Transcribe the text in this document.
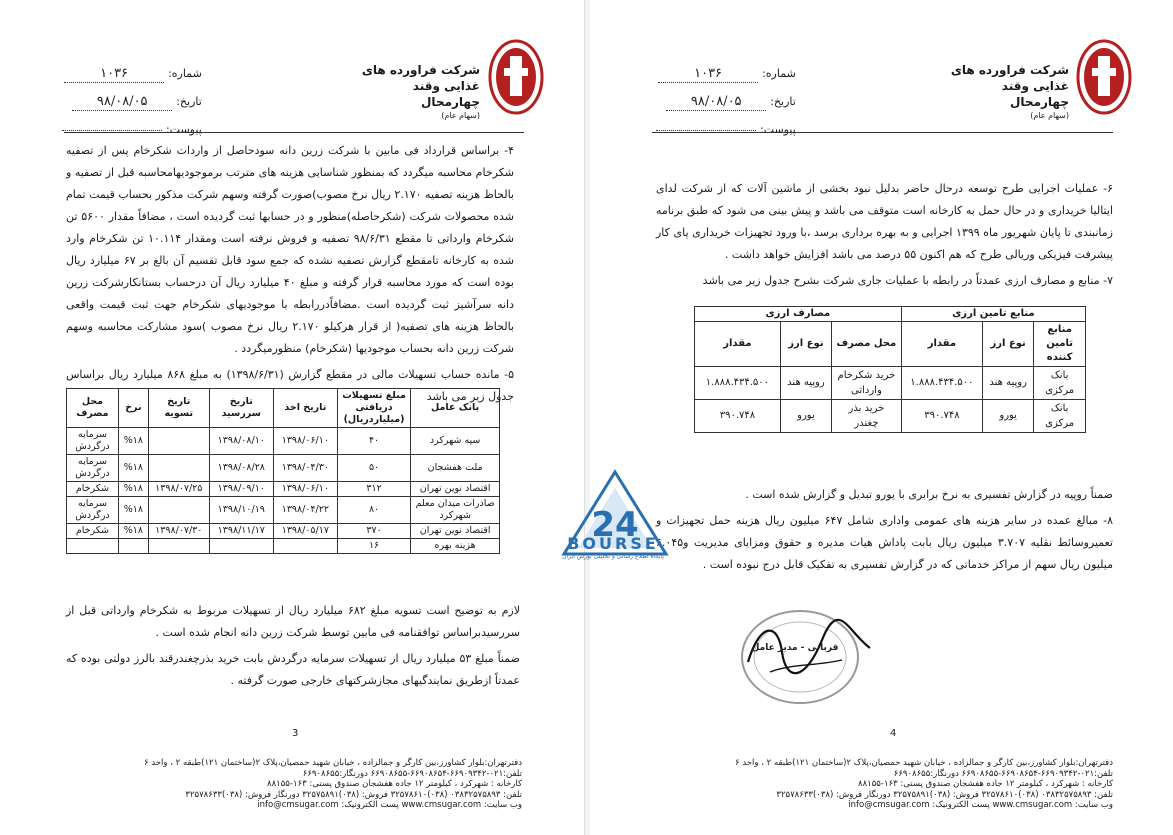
شرکت فراورده های
غذایی وقند
چهارمحال
(سهام عام)
شماره:
۱۰۳۶
تاریخ:
۹۸/۰۸/۰۵
پیوست:

۴- براساس قرارداد فی مابین با شرکت زرین دانه سودحاصل از واردات شکرخام پس از تصفیه شکرخام محاسبه میگردد که بمنظور شناسایی هزینه های مترتب برموجودیهامحاسبه قبل از تصفیه و بالحاظ هزینه تصفیه ۲.۱۷۰ ریال نرخ مصوب)صورت گرفته وسهم شرکت مذکور بحساب قیمت تمام شده محصولات شرکت (شکرحاصله)منظور و در حسابها ثبت گردیده است ، مضافاً مقدار ۵۶۰۰ تن شکرخام وارداتی تا مقطع ۹۸/۶/۳۱ تصفیه و فروش نرفته است ومقدار ۱۰.۱۱۴ تن شکرخام وارد شده به کارخانه تامقطع گزارش تصفیه نشده که جمع سود قابل تقسیم آن بالغ بر ۶۷ میلیارد ریال بوده است که مورد محاسبه قرار گرفته و مبلغ ۴۰ میلیارد ریال آن درحساب بستانکارشرکت زرین دانه سرآشیز ثبت گردیده است .مضافاًدررابطه با موجودیهای شکرخام جهت ثبت قیمت واقعی بالحاظ هزینه های تصفیه( از قرار هرکیلو ۲.۱۷۰ ریال نرخ مصوب )سود مشارکت محاسبه وسهم شرکت زرین دانه بحساب موجودیها (شکرخام) منظورمیگردد .

۵- مانده حساب تسهیلات مالی در مقطع گزارش (۱۳۹۸/۶/۳۱) به مبلغ ۸۶۸ میلیارد ریال براساس جدول زیر می باشد

بانک عامل	مبلغ تسهیلات دریافتی (میلیاردریال)	تاریخ اخذ	تاریخ سررسید	تاریخ تسویه	نرخ	محل مصرف
سپه شهرکرد	۴۰	۱۳۹۸/۰۶/۱۰	۱۳۹۸/۰۸/۱۰		%۱۸	سرمایه درگردش
ملت هفشجان	۵۰	۱۳۹۸/۰۴/۳۰	۱۳۹۸/۰۸/۲۸		%۱۸	سرمایه درگردش
اقتصاد نوین تهران	۳۱۲	۱۳۹۸/۰۶/۱۰	۱۳۹۸/۰۹/۱۰	۱۳۹۸/۰۷/۲۵	%۱۸	شکرخام
صادرات میدان معلم شهرکرد	۸۰	۱۳۹۸/۰۴/۲۲	۱۳۹۸/۱۰/۱۹		%۱۸	سرمایه درگردش
اقتصاد نوین تهران	۳۷۰	۱۳۹۸/۰۵/۱۷	۱۳۹۸/۱۱/۱۷	۱۳۹۸/۰۷/۳۰	%۱۸	شکرخام
هزینه بهره	۱۶					

لازم به توضیح است تسویه مبلغ ۶۸۲ میلیارد ریال از تسهیلات مربوط به شکرخام وارداتی قبل از سررسیدبراساس توافقنامه فی مابین توسط شرکت زرین دانه انجام شده است .

ضمناً مبلغ ۵۳ میلیارد ریال از تسهیلات سرمایه درگردش بابت خرید بذرچغندرقند بالرز دولتی بوده که عمدتاً ازطریق نمایندگیهای مجازشرکتهای خارجی صورت گرفته .

3
دفترتهران:بلوار کشاورز،بین کارگر و جمالزاده ، خیابان شهید حمصیان،پلاک ۲(ساختمان ۱۲۱)طبقه ۲ ، واحد ۶
تلفن:۰۲۱-۶۶۹۰۹۳۴۲-۶۶۹۰۸۶۵۴-۶۶۹۰۸۶۵۵ دورنگار:۶۶۹۰۸۶۵۵
کارخانه : شهرکرد ، کیلومتر ۱۲ جاده هفشجان صندوق پستی: ۱۶۳-۸۸۱۵۵
تلفن: ۰۳۸۳۲۵۷۵۸۹۳ (۰۳۸)۳۲۵۷۸۶۱۰ فروش: (۰۳۸)۳۲۵۷۵۸۹۱ دورنگار فروش: (۰۳۸)۳۲۵۷۸۶۳۳
وب سایت: www.cmsugar.com پست الکترونیک: info@cmsugar.com
شرکت فراورده های
غذایی وقند
چهارمحال
(سهام عام)
شماره:
۱۰۳۶
تاریخ:
۹۸/۰۸/۰۵
پیوست:

۶- عملیات اجرایی طرح توسعه درحال حاضر بدلیل نبود بخشی از ماشین آلات که از شرکت لدای ایتالیا خریداری و در حال حمل به کارخانه است متوقف می باشد و پیش بینی می شود که طبق برنامه زمانبندی تا پایان شهریور ماه ۱۳۹۹ اجرایی و به بهره برداری برسد ،با ورود تجهیزات خریداری پای کار پیشرفت فیزیکی وریالی طرح که هم اکنون ۵۵ درصد می باشد افزایش خواهد داشت .

۷- منابع و مصارف ارزی عمدتاً در رابطه با عملیات جاری شرکت بشرح جدول زیر می باشد

منابع تامین ارزی			مصارف ارزی		
منابع تامین کننده	نوع ارز	مقدار	محل مصرف	نوع ارز	مقدار
بانک مرکزی	روپیه هند	۱.۸۸۸.۴۳۴.۵۰۰	خرید شکرخام وارداتی	روپیه هند	۱.۸۸۸.۴۳۴.۵۰۰
بانک مرکزی	یورو	۳۹۰.۷۴۸	خرید بذر چغندر	یورو	۳۹۰.۷۴۸

ضمناً روپیه در گزارش تفسیری به نرخ برابری با یورو تبدیل و گزارش شده است .

۸- مبالغ عمده در سایر هزینه های عمومی واداری شامل ۶۴۷ میلیون ریال هزینه حمل تجهیزات و تعمیروسائط نقلیه ۳.۷۰۷ میلیون ریال بابت پاداش هیات مدیره و حقوق ومزایای مدیریت و۶.۰۴۵ میلیون ریال سهم از مراکز خدماتی که در گزارش تفسیری به تفکیک قابل درج نبوده است .

4
دفترتهران:بلوار کشاورز،بین کارگر و جمالزاده ، خیابان شهید حمصیان،پلاک ۲(ساختمان ۱۲۱)طبقه ۲ ، واحد ۶
تلفن:۰۲۱-۶۶۹۰۹۳۴۲-۶۶۹۰۸۶۵۴-۶۶۹۰۸۶۵۵ دورنگار:۶۶۹۰۸۶۵۵
کارخانه : شهرکرد ، کیلومتر ۱۲ جاده هفشجان صندوق پستی: ۱۶۳-۸۸۱۵۵
تلفن: ۰۳۸۳۲۵۷۵۸۹۳ (۰۳۸)۳۲۵۷۸۶۱۰ فروش: (۰۳۸)۳۲۵۷۵۸۹۱ دورنگار فروش: (۰۳۸)۳۲۵۷۸۶۳۳
وب سایت: www.cmsugar.com پست الکترونیک: info@cmsugar.com
قربانی - مدیر عامل
24
BOURSE
پایگاه اطلاع رسانی و تحلیلی بورس ایران
